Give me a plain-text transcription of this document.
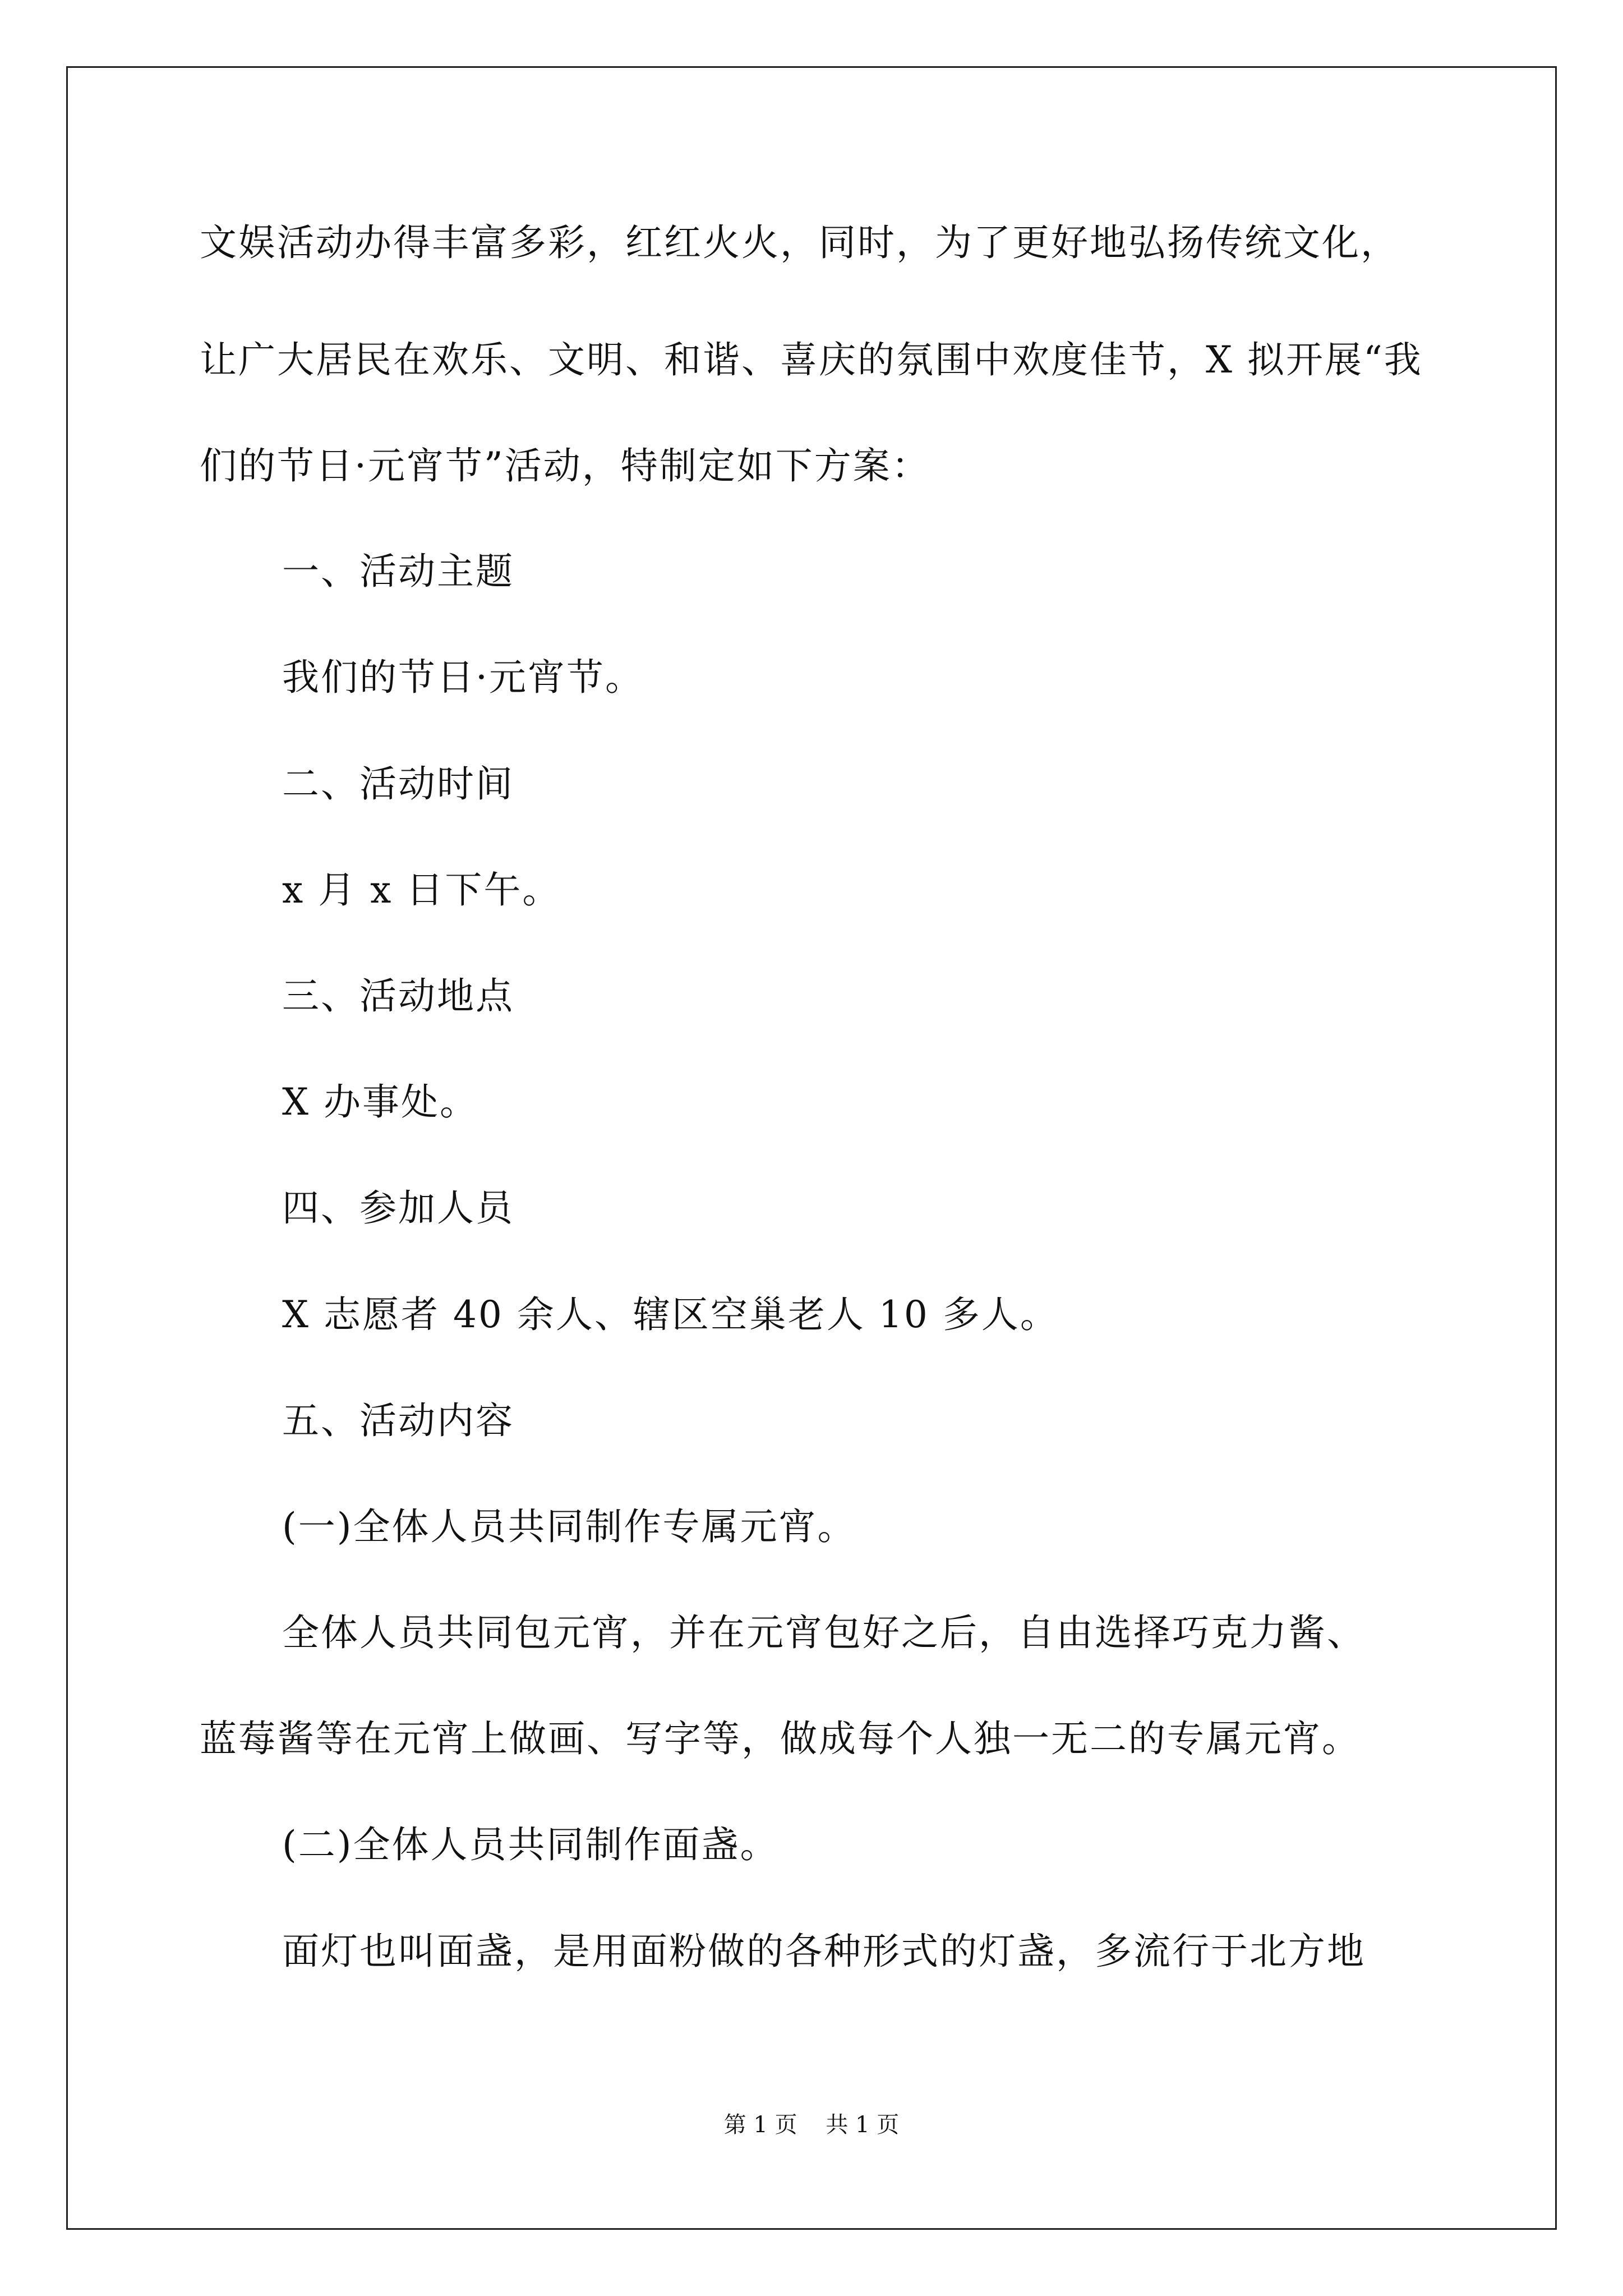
文娱活动办得丰富多彩，红红火火，同时，为了更好地弘扬传统文化，

让广大居民在欢乐、文明、和谐、喜庆的氛围中欢度佳节，X 拟开展“我

们的节日·元宵节”活动，特制定如下方案：

一、活动主题

我们的节日·元宵节。

二、活动时间

x 月 x 日下午。

三、活动地点

X 办事处。

四、参加人员

X 志愿者 40 余人、辖区空巢老人 10 多人。

五、活动内容

(一)全体人员共同制作专属元宵。

全体人员共同包元宵，并在元宵包好之后，自由选择巧克力酱、

蓝莓酱等在元宵上做画、写字等，做成每个人独一无二的专属元宵。

(二)全体人员共同制作面盏。

面灯也叫面盏，是用面粉做的各种形式的灯盏，多流行于北方地

第 1 页    共 1 页
